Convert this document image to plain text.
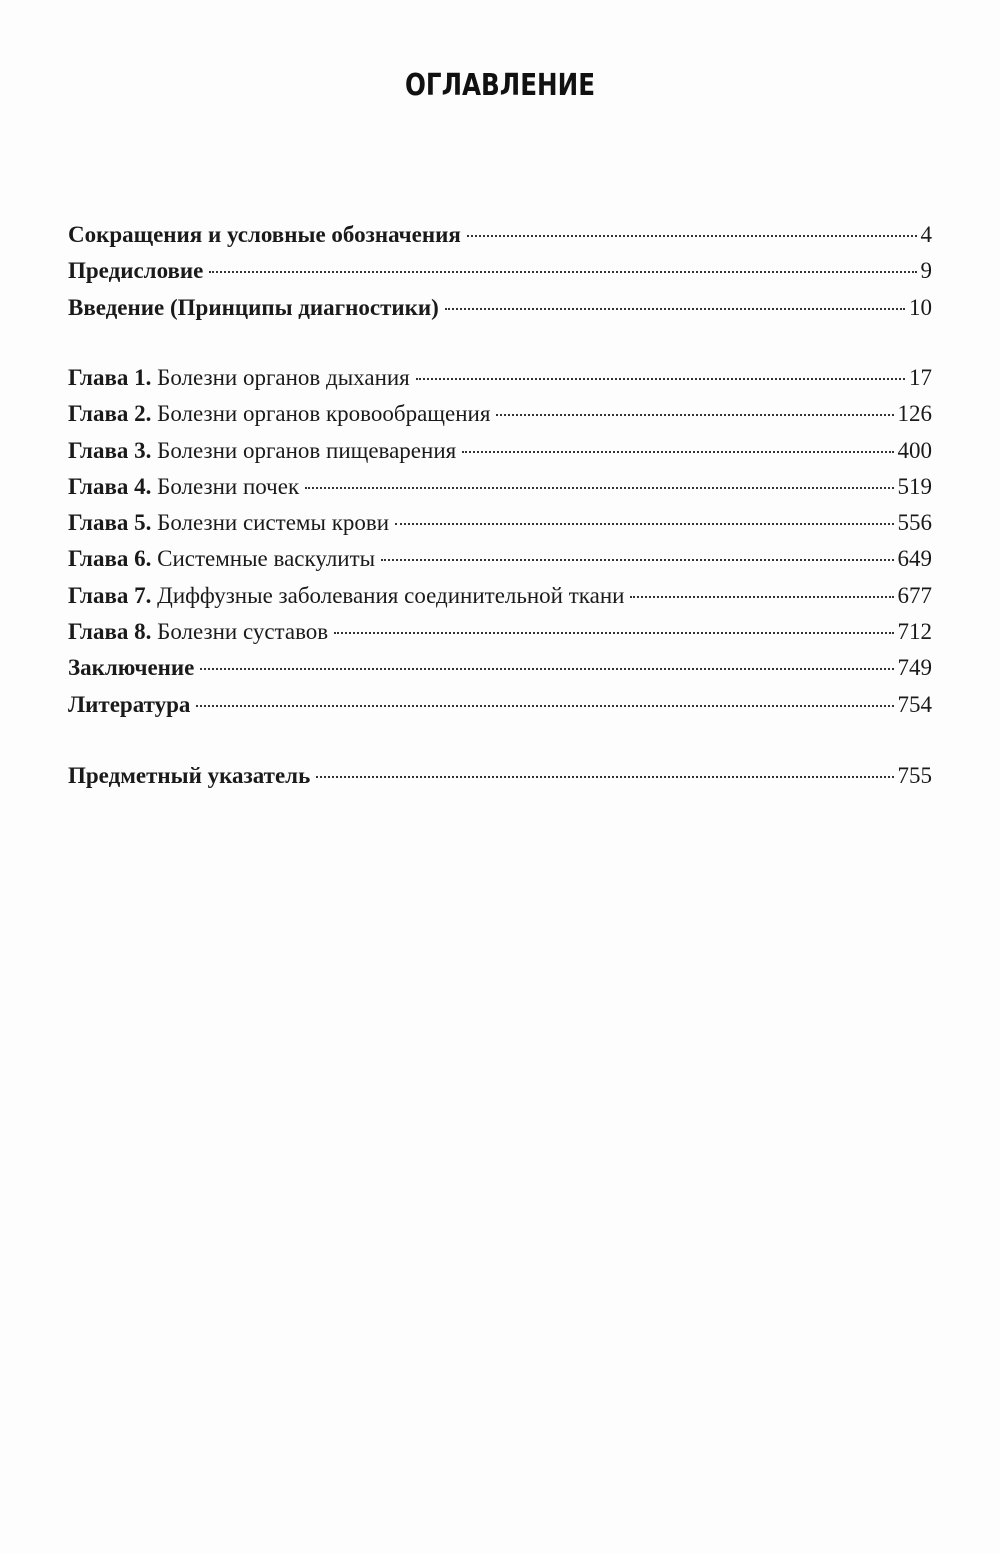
ОГЛАВЛЕНИЕ
Сокращения и условные обозначения	4
Предисловие	9
Введение (Принципы диагностики)	10
Глава 1. Болезни органов дыхания	17
Глава 2. Болезни органов кровообращения	126
Глава 3. Болезни органов пищеварения	400
Глава 4. Болезни почек	519
Глава 5. Болезни системы крови	556
Глава 6. Системные васкулиты	649
Глава 7. Диффузные заболевания соединительной ткани	677
Глава 8. Болезни суставов	712
Заключение	749
Литература	754
Предметный указатель	755
